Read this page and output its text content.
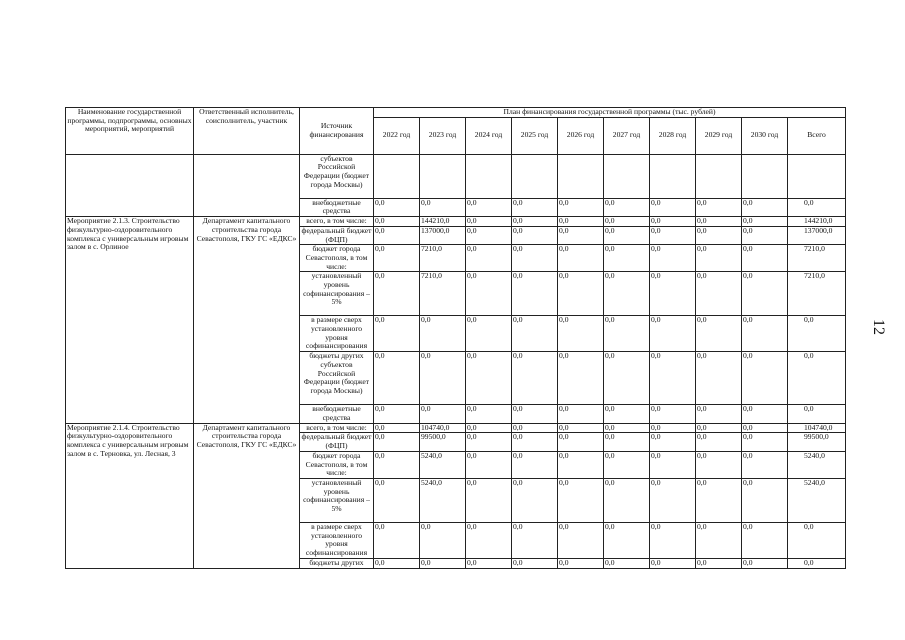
Наименование государственной программы, подпрограммы, основных мероприятий, мероприятий	Ответственный исполнитель, соисполнитель, участник	Источник финансирования	План финансирования государственной программы (тыс. рублей)									
			2022 год	2023 год	2024 год	2025 год	2026 год	2027 год	2028 год	2029 год	2030 год	Всего
		субъектов Российской Федерации (бюджет города Москвы)										
		внебюджетные средства	0,0	0,0	0,0	0,0	0,0	0,0	0,0	0,0	0,0	0,0
Мероприятие 2.1.3. Строительство физкультурно-оздоровительного комплекса с универсальным игровым залом в с. Орлиное	Департамент капитального строительства города Севастополя, ГКУ ГС «ЕДКС»	всего, в том числе:	0,0	144210,0	0,0	0,0	0,0	0,0	0,0	0,0	0,0	144210,0
		федеральный бюджет (ФЦП)	0,0	137000,0	0,0	0,0	0,0	0,0	0,0	0,0	0,0	137000,0
		бюджет города Севастополя, в том числе:	0,0	7210,0	0,0	0,0	0,0	0,0	0,0	0,0	0,0	7210,0
		установленный уровень софинансирования – 5%	0,0	7210,0	0,0	0,0	0,0	0,0	0,0	0,0	0,0	7210,0
		в размере сверх установленного уровня софинансирования	0,0	0,0	0,0	0,0	0,0	0,0	0,0	0,0	0,0	0,0
		бюджеты других субъектов Российской Федерации (бюджет города Москвы)	0,0	0,0	0,0	0,0	0,0	0,0	0,0	0,0	0,0	0,0
		внебюджетные средства	0,0	0,0	0,0	0,0	0,0	0,0	0,0	0,0	0,0	0,0
Мероприятие 2.1.4. Строительство физкультурно-оздоровительного комплекса с универсальным игровым залом в с. Терновка, ул. Лесная, 3	Департамент капитального строительства города Севастополя, ГКУ ГС «ЕДКС»	всего, в том числе:	0,0	104740,0	0,0	0,0	0,0	0,0	0,0	0,0	0,0	104740,0
		федеральный бюджет (ФЦП)	0,0	99500,0	0,0	0,0	0,0	0,0	0,0	0,0	0,0	99500,0
		бюджет города Севастополя, в том числе:	0,0	5240,0	0,0	0,0	0,0	0,0	0,0	0,0	0,0	5240,0
		установленный уровень софинансирования – 5%	0,0	5240,0	0,0	0,0	0,0	0,0	0,0	0,0	0,0	5240,0
		в размере сверх установленного уровня софинансирования	0,0	0,0	0,0	0,0	0,0	0,0	0,0	0,0	0,0	0,0
		бюджеты других	0,0	0,0	0,0	0,0	0,0	0,0	0,0	0,0	0,0	0,0
12
